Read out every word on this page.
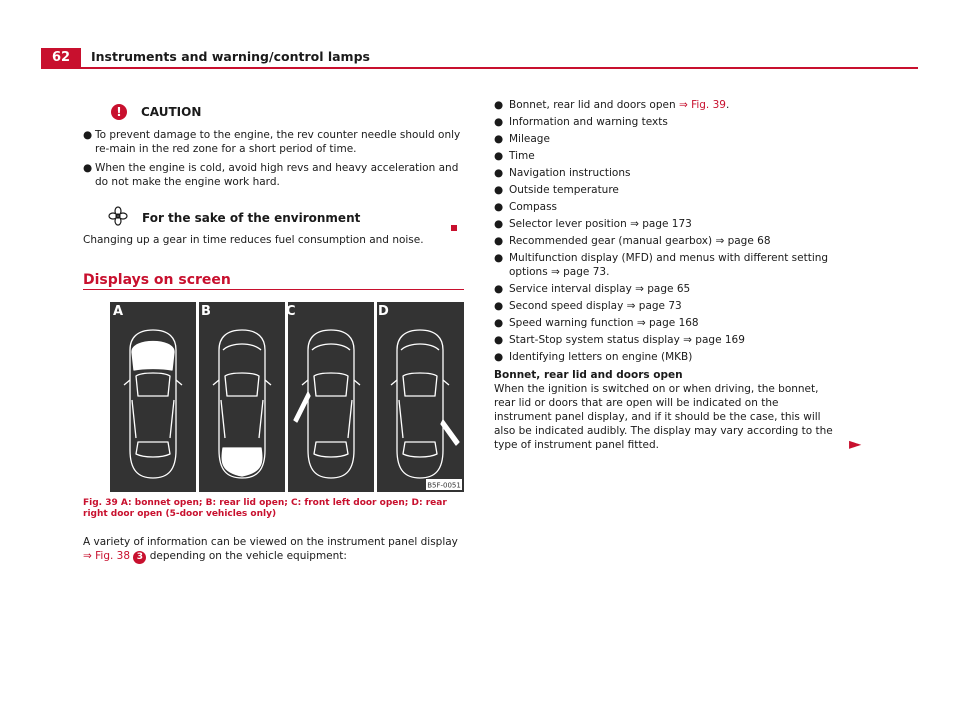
62	Instruments and warning/control lamps
!	CAUTION
● To prevent damage to the engine, the rev counter needle should only re-main in the red zone for a short period of time.
● When the engine is cold, avoid high revs and heavy acceleration and do not make the engine work hard.
For the sake of the environment

Changing up a gear in time reduces fuel consumption and noise.

Displays on screen
B5F-0051
A	B	C	D
Fig. 39 A: bonnet open; B: rear lid open; C: front left door open; D: rear right door open (5-door vehicles only)
A variety of information can be viewed on the instrument panel display
⇒ Fig. 38 3 depending on the vehicle equipment:
● Bonnet, rear lid and doors open ⇒ Fig. 39.
● Information and warning texts
● Mileage
● Time
● Navigation instructions
● Outside temperature
● Compass
● Selector lever position ⇒ page 173
● Recommended gear (manual gearbox) ⇒ page 68
● Multifunction display (MFD) and menus with different setting options ⇒ page 73.
● Service interval display ⇒ page 65
● Second speed display ⇒ page 73
● Speed warning function ⇒ page 168
● Start-Stop system status display ⇒ page 169
● Identifying letters on engine (MKB)
Bonnet, rear lid and doors open

When the ignition is switched on or when driving, the bonnet, rear lid or doors that are open will be indicated on the instrument panel display, and if it should be the case, this will also be indicated audibly. The display may vary according to the type of instrument panel fitted.	►
